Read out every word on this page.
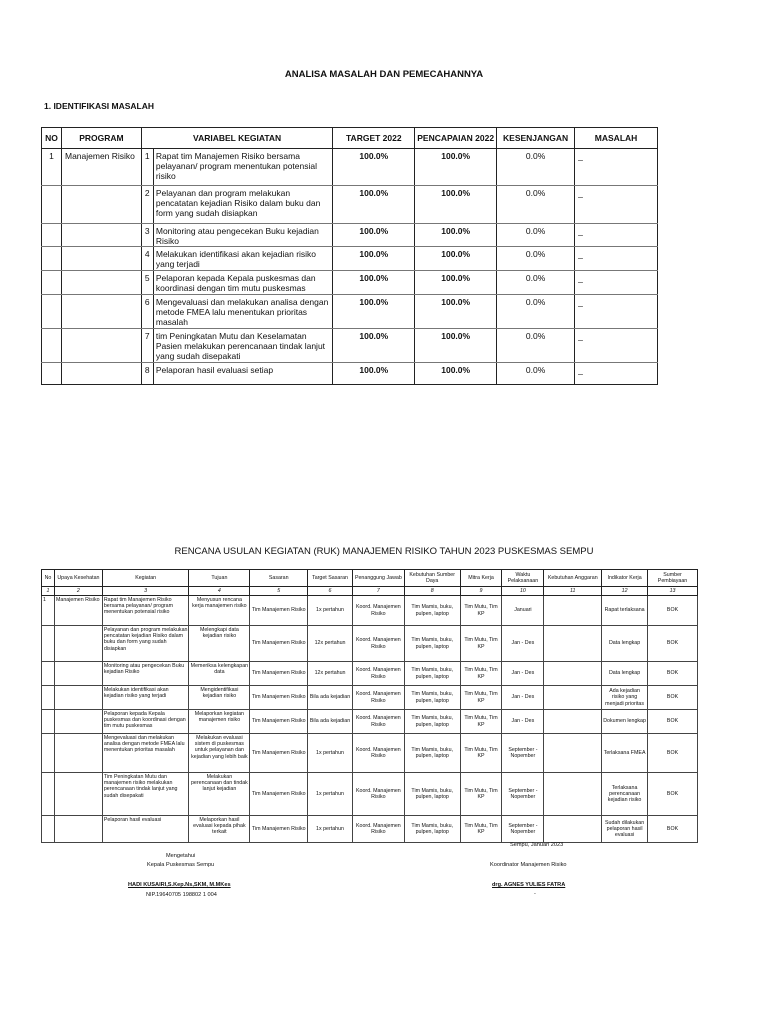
ANALISA MASALAH DAN PEMECAHANNYA
1. IDENTIFIKASI MASALAH
NO	PROGRAM	VARIABEL KEGIATAN		TARGET 2022	PENCAPAIAN 2022	KESENJANGAN	MASALAH
1	Manajemen Risiko	1	Rapat tim Manajemen Risiko bersama pelayanan/ program menentukan potensial risiko	100.0%	100.0%	0.0%	_
		2	Pelayanan dan program melakukan pencatatan kejadian Risiko dalam buku dan form yang sudah disiapkan	100.0%	100.0%	0.0%	_
		3	Monitoring atau pengecekan Buku kejadian Risiko	100.0%	100.0%	0.0%	_
		4	Melakukan identifikasi akan kejadian risiko yang terjadi	100.0%	100.0%	0.0%	_
		5	Pelaporan kepada Kepala puskesmas dan koordinasi dengan tim mutu puskesmas	100.0%	100.0%	0.0%	_
		6	Mengevaluasi dan melakukan analisa dengan metode FMEA lalu menentukan prioritas masalah	100.0%	100.0%	0.0%	_
		7	tim Peningkatan Mutu dan Keselamatan Pasien melakukan perencanaan tindak lanjut yang sudah disepakati	100.0%	100.0%	0.0%	_
		8	Pelaporan hasil evaluasi setiap	100.0%	100.0%	0.0%	_
RENCANA USULAN KEGIATAN (RUK) MANAJEMEN RISIKO TAHUN 2023 PUSKESMAS SEMPU
No	Upaya Kesehatan	Kegiatan	Tujuan	Sasaran	Target Sasaran	Penanggung Jawab	Kebutuhan Sumber Daya	Mitra Kerja	Waktu Pelaksanaan	Kebutuhan Anggaran	Indikator Kerja	Sumber Pembiayaan
1	2	3	4	5	6	7	8	9	10	11	12	13
1	Manajemen Risiko	Rapat tim Manajemen Risiko bersama pelayanan/ program menentukan potensial risiko	Menyusun rencana kerja manajemen risiko	Tim Manajemen Risiko	1x pertahun	Koord. Manajemen Risiko	Tim Mamis, buku, pulpen, laptop	Tim Mutu, Tim KP	Januari		Rapat terlaksana	BOK
		Pelayanan dan program melakukan pencatatan kejadian Risiko dalam buku dan form yang sudah disiapkan	Melengkapi data kejadian risiko	Tim Manajemen Risiko	12x pertahun	Koord. Manajemen Risiko	Tim Mamis, buku, pulpen, laptop	Tim Mutu, Tim KP	Jan - Des		Data lengkap	BOK
		Monitoring atau pengecekan Buku kejadian Risiko	Memeriksa kelengkapan data	Tim Manajemen Risiko	12x pertahun	Koord. Manajemen Risiko	Tim Mamis, buku, pulpen, laptop	Tim Mutu, Tim KP	Jan - Des		Data lengkap	BOK
		Melakukan identifikasi akan kejadian risiko yang terjadi	Mengidentifikasi kejadian risiko	Tim Manajemen Risiko	Bila ada kejadian	Koord. Manajemen Risiko	Tim Mamis, buku, pulpen, laptop	Tim Mutu, Tim KP	Jan - Des		Ada kejadian risiko yang menjadi prioritas	BOK
		Pelaporan kepada Kepala puskesmas dan koordinasi dengan tim mutu puskesmas	Melaporkan kegiatan manajemen risiko	Tim Manajemen Risiko	Bila ada kejadian	Koord. Manajemen Risiko	Tim Mamis, buku, pulpen, laptop	Tim Mutu, Tim KP	Jan - Des		Dokumen lengkap	BOK
		Mengevaluasi dan melakukan analisa dengan metode FMEA lalu menentukan prioritas masalah	Melakukan evaluasi sistem di puskesmas untuk pelayanan dan kejadian yang lebih baik	Tim Manajemen Risiko	1x pertahun	Koord. Manajemen Risiko	Tim Mamis, buku, pulpen, laptop	Tim Mutu, Tim KP	September - Nopember		Terlaksana FMEA	BOK
		Tim Peningkatan Mutu dan manajemen risiko melakukan perencanaan tindak lanjut yang sudah disepakati	Melakukan perencanaan dan tindak lanjut kejadian	Tim Manajemen Risiko	1x pertahun	Koord. Manajemen Risiko	Tim Mamis, buku, pulpen, laptop	Tim Mutu, Tim KP	September - Nopember		Terlaksana perencanaan kejadian risiko	BOK
		Pelaporan hasil evaluasi	Melaporkan hasil evaluasi kepada pihak terkait	Tim Manajemen Risiko	1x pertahun	Koord. Manajemen Risiko	Tim Mamis, buku, pulpen, laptop	Tim Mutu, Tim KP	September - Nopember		Sudah dilakukan pelaporan hasil evaluasi	BOK
Sempu, Januari 2023
Mengetahui
Kepala Puskesmas Sempu	Koordinator Manajemen Risiko
HADI KUSAIRI,S.Kep.Ns,SKM, M.MKes	drg. AGNES YULIES FATRA
NIP.19640705 198802 1 004	-
